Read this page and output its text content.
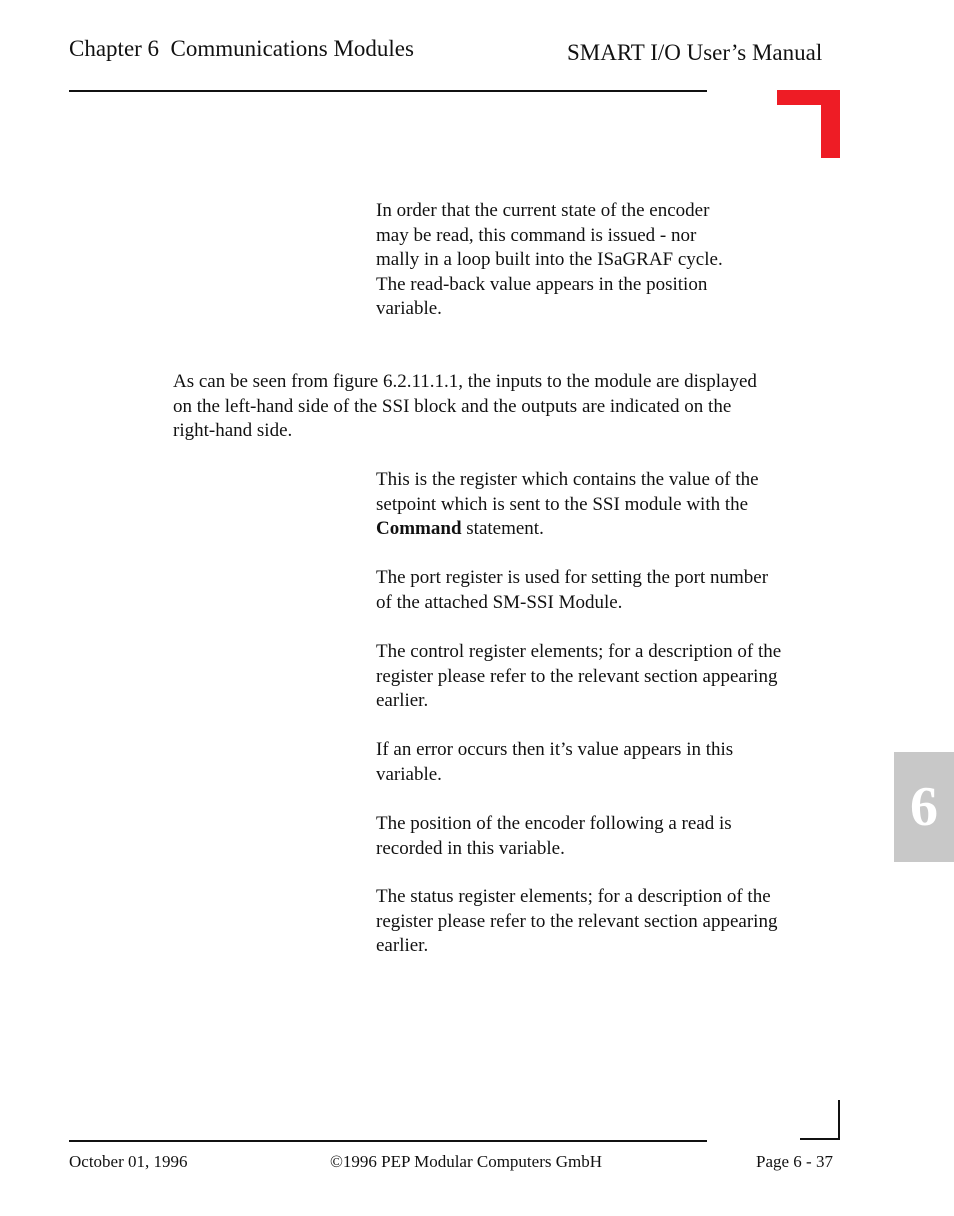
Chapter 6  Communications Modules	SMART I/O User’s Manual
In order that the current state of the encoder
may be read, this command is issued - nor
mally in a loop built into the ISaGRAF cycle.
The read-back value appears in the position
variable.
As can be seen from figure 6.2.11.1.1, the inputs to the module are displayed
on the left-hand side of the SSI block and the outputs are indicated on the
right-hand side.
This is the register which contains the value of the
setpoint which is sent to the SSI module with the
Command statement.
The port register is used for setting the port number
of the attached SM-SSI Module.
The control register elements; for a description of the
register please refer to the relevant section appearing
earlier.
If an error occurs then it’s value appears in this
variable.
The position of the encoder following a read is
recorded in this variable.
The status register elements; for a description of the
register please refer to the relevant section appearing
earlier.
6
October 01, 1996	©1996 PEP Modular Computers GmbH	Page 6 - 37
